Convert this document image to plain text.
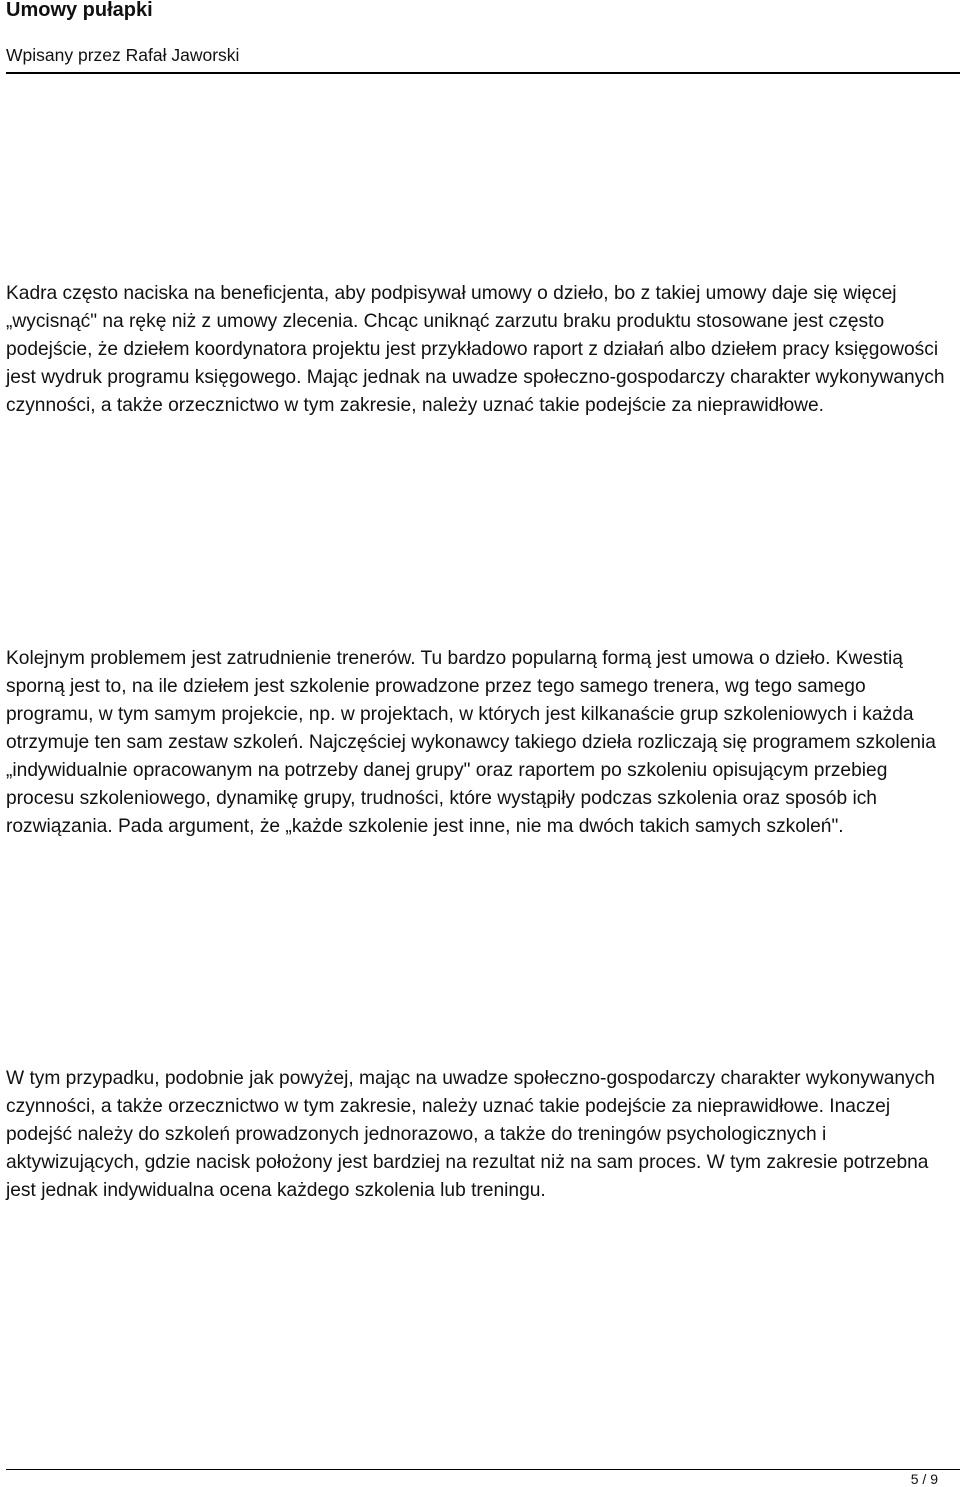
Umowy pułapki
Wpisany przez Rafał Jaworski

Kadra często naciska na beneficjenta, aby podpisywał umowy o dzieło, bo z takiej umowy daje się więcej „wycisnąć" na rękę niż z umowy zlecenia. Chcąc uniknąć zarzutu braku produktu stosowane jest często podejście, że dziełem koordynatora projektu jest przykładowo raport z działań albo dziełem pracy księgowości jest wydruk programu księgowego. Mając jednak na uwadze społeczno-gospodarczy charakter wykonywanych czynności, a także orzecznictwo w tym zakresie, należy uznać takie podejście za nieprawidłowe.

Kolejnym problemem jest zatrudnienie trenerów. Tu bardzo popularną formą jest umowa o dzieło. Kwestią sporną jest to, na ile dziełem jest szkolenie prowadzone przez tego samego trenera, wg tego samego programu, w tym samym projekcie, np. w projektach, w których jest kilkanaście grup szkoleniowych i każda otrzymuje ten sam zestaw szkoleń. Najczęściej wykonawcy takiego dzieła rozliczają się programem szkolenia „indywidualnie opracowanym na potrzeby danej grupy" oraz raportem po szkoleniu opisującym przebieg procesu szkoleniowego, dynamikę grupy, trudności, które wystąpiły podczas szkolenia oraz sposób ich rozwiązania. Pada argument, że „każde szkolenie jest inne, nie ma dwóch takich samych szkoleń".

W tym przypadku, podobnie jak powyżej, mając na uwadze społeczno-gospodarczy charakter wykonywanych czynności, a także orzecznictwo w tym zakresie, należy uznać takie podejście za nieprawidłowe. Inaczej podejść należy do szkoleń prowadzonych jednorazowo, a także do treningów psychologicznych i aktywizujących, gdzie nacisk położony jest bardziej na rezultat niż na sam proces. W tym zakresie potrzebna jest jednak indywidualna ocena każdego szkolenia lub treningu.

5 / 9
